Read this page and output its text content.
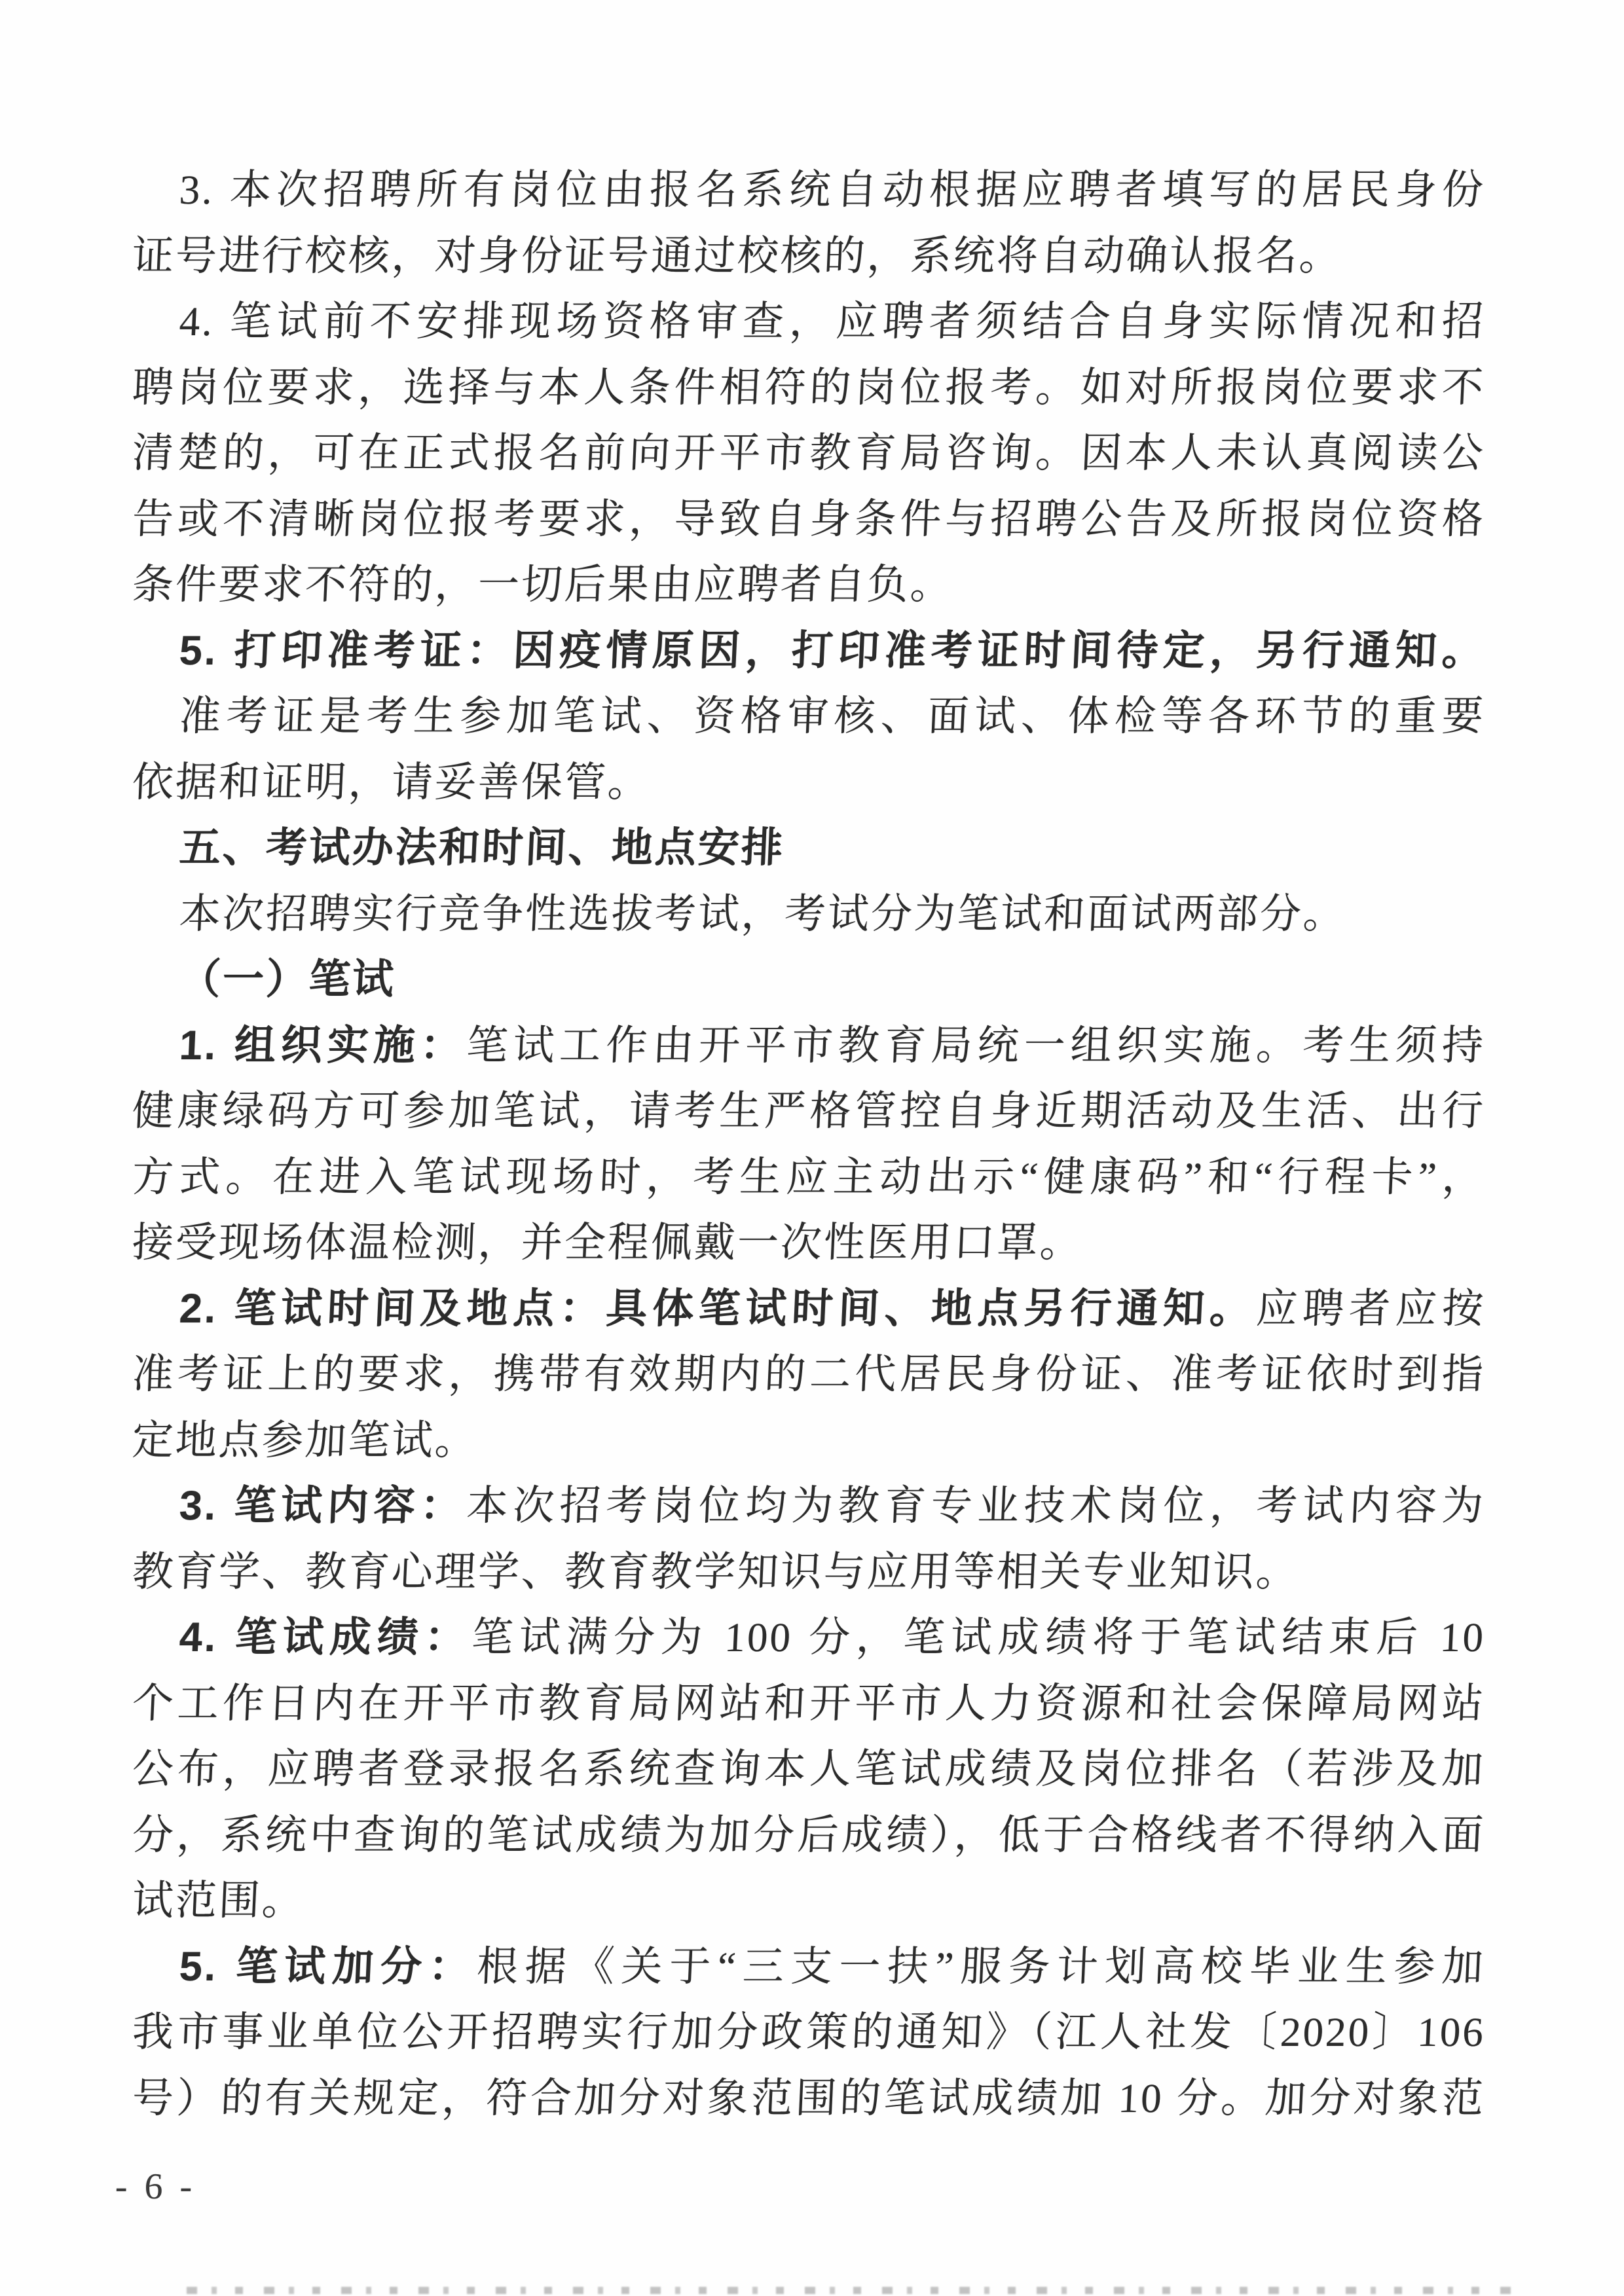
3. 本次招聘所有岗位由报名系统自动根据应聘者填写的居民身份
证号进行校核，对身份证号通过校核的，系统将自动确认报名。
4. 笔试前不安排现场资格审查，应聘者须结合自身实际情况和招
聘岗位要求，选择与本人条件相符的岗位报考。如对所报岗位要求不
清楚的，可在正式报名前向开平市教育局咨询。因本人未认真阅读公
告或不清晰岗位报考要求，导致自身条件与招聘公告及所报岗位资格
条件要求不符的，一切后果由应聘者自负。
5. 打印准考证：因疫情原因，打印准考证时间待定，另行通知。
准考证是考生参加笔试、资格审核、面试、体检等各环节的重要
依据和证明，请妥善保管。
五、考试办法和时间、地点安排
本次招聘实行竞争性选拔考试，考试分为笔试和面试两部分。
（一）笔试
1. 组织实施：笔试工作由开平市教育局统一组织实施。考生须持
健康绿码方可参加笔试，请考生严格管控自身近期活动及生活、出行
方式。在进入笔试现场时，考生应主动出示“健康码”和“行程卡”，
接受现场体温检测，并全程佩戴一次性医用口罩。
2. 笔试时间及地点：具体笔试时间、地点另行通知。应聘者应按
准考证上的要求，携带有效期内的二代居民身份证、准考证依时到指
定地点参加笔试。
3. 笔试内容：本次招考岗位均为教育专业技术岗位，考试内容为
教育学、教育心理学、教育教学知识与应用等相关专业知识。
4. 笔试成绩：笔试满分为 100 分，笔试成绩将于笔试结束后 10
个工作日内在开平市教育局网站和开平市人力资源和社会保障局网站
公布，应聘者登录报名系统查询本人笔试成绩及岗位排名（若涉及加
分，系统中查询的笔试成绩为加分后成绩），低于合格线者不得纳入面
试范围。
5. 笔试加分：根据《关于“三支一扶”服务计划高校毕业生参加
我市事业单位公开招聘实行加分政策的通知》（江人社发〔2020〕106
号）的有关规定，符合加分对象范围的笔试成绩加 10 分。加分对象范
- 6 -
